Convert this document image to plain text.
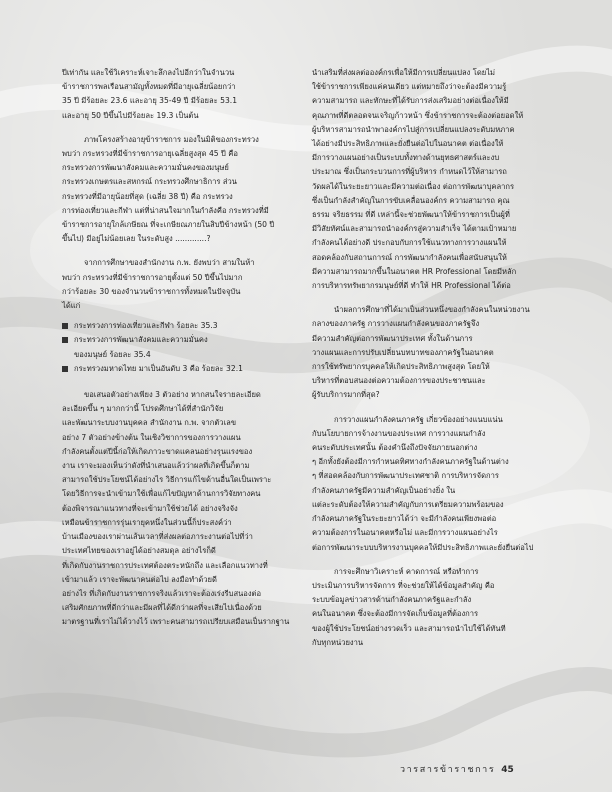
ปีเท่ากัน และใช้วิเคราะห์เจาะลึกลงไปอีกว่าในจำนวน
ข้าราชการพลเรือนสามัญทั้งหมดที่มีอายุเฉลี่ยน้อยกว่า
35 ปี มีร้อยละ 23.6 และอายุ 35-49 ปี มีร้อยละ 53.1
และอายุ 50 ปีขึ้นไปมีร้อยละ 19.3 เป็นต้น

ภาพโครงสร้างอายุข้าราชการ มองในมิติของกระทรวง
พบว่า กระทรวงที่มีข้าราชการอายุเฉลี่ยสูงสุด 45 ปี คือ
กระทรวงการพัฒนาสังคมและความมั่นคงของมนุษย์
กระทรวงเกษตรและสหกรณ์ กระทรวงศึกษาธิการ ส่วน
กระทรวงที่มีอายุน้อยที่สุด (เฉลี่ย 38 ปี) คือ กระทรวง
การท่องเที่ยวและกีฬา แต่ที่น่าสนใจมากในกำลังคือ กระทรวงที่มี
ข้าราชการอายุใกล้เกษียณ ที่จะเกษียณภายในสิบปีข้างหน้า (50 ปี
ขึ้นไป) มีอยู่ไม่น้อยเลย ในระดับสูง .............?

จากการศึกษาของสำนักงาน ก.พ. ยังพบว่า สามในห้า
พบว่า กระทรวงที่มีข้าราชการอายุตั้งแต่ 50 ปีขึ้นไปมาก
กว่าร้อยละ 30 ของจำนวนข้าราชการทั้งหมดในปัจจุบัน
ได้แก่

กระทรวงการท่องเที่ยวและกีฬา ร้อยละ 35.3
กระทรวงการพัฒนาสังคมและความมั่นคง
ของมนุษย์ ร้อยละ 35.4
กระทรวงมหาดไทย มาเป็นอันดับ 3 คือ ร้อยละ 32.1

ขอเสนอตัวอย่างเพียง 3 ตัวอย่าง หากสนใจรายละเอียด
ละเอียดขึ้น ๆ มากกว่านี้ โปรดศึกษาได้ที่สำนักวิจัย
และพัฒนาระบบงานบุคคล สำนักงาน ก.พ. จากตัวเลข
อย่าง 7 ตัวอย่างข้างต้น ในเชิงวิชาการของการวางแผน
กำลังคนตั้งแต่ปีนี้ก่อให้เกิดภาวะขาดแคลนอย่างรุนแรงของ
งาน เราจะมองเห็นว่าดังที่นำเสนอแล้วว่าผลที่เกิดขึ้นก็ตาม
สามารถใช้ประโยชน์ได้อย่างไร วิธีการแก้ไขด้านอื่นใดเป็นเพราะ
โดยวิธีการจะนำเข้ามาใช้เพื่อแก้ไขปัญหาด้านการวิจัยทางคน
ต้องพิจารณาแนวทางที่จะเข้ามาใช้ช่วยได้ อย่างจริงจัง
เหมือนข้าราชการรุ่นเรายุคหนึ่งในส่วนนี้ก็ประสงค์ว่า
บ้านเมืองของเราผ่านเส้นเวลาที่ส่งผลต่อภาระงานต่อไปที่ว่า
ประเทศไทยของเราอยู่ได้อย่างสมดุล อย่างไรก็ดี
ที่เกิดกับงานราชการประเทศต้องตระหนักถึง และเลือกแนวทางที่
เข้ามาแล้ว เราจะพัฒนาคนต่อไป ลงมือทำด้วยดี
อย่างไร ที่เกิดกับงานราชการจริงแล้วเราจะต้องเร่งรีบสนองต่อ
เสริมศักยภาพที่ดีกว่าและมีผลที่ได้ดีกว่าผลที่จะเสียไปเนื่องด้วย
มาตรฐานที่เราไม่ได้วางไว้ เพราะคนสามารถเปรียบเสมือนเป็นรากฐาน

นำเสริมที่ส่งผลต่อองค์กรเพื่อให้มีการเปลี่ยนแปลง โดยไม่
ใช้ข้าราชการเพียงแค่คนเดียว แต่หมายถึงว่าจะต้องมีความรู้
ความสามารถ และทักษะที่ได้รับการส่งเสริมอย่างต่อเนื่องให้มี
คุณภาพที่ดีตลอดจนเจริญก้าวหน้า ซึ่งข้าราชการจะต้องต่อยอดให้
ผู้บริหารสามารถนำพาองค์กรไปสู่การเปลี่ยนแปลงระดับมหภาค
ได้อย่างมีประสิทธิภาพและยั่งยืนต่อไปในอนาคต ต่อเนื่องให้
มีการวางแผนอย่างเป็นระบบทั้งทางด้านยุทธศาสตร์และงบ
ประมาณ ซึ่งเป็นกระบวนการที่ผู้บริหาร กำหนดไว้ให้สามารถ
วัดผลได้ในระยะยาวและมีความต่อเนื่อง ต่อการพัฒนาบุคลากร
ซึ่งเป็นกำลังสำคัญในการขับเคลื่อนองค์กร ความสามารถ คุณ
ธรรม จริยธรรม ที่ดี เหล่านี้จะช่วยพัฒนาให้ข้าราชการเป็นผู้ที่
มีวิสัยทัศน์และสามารถนำองค์กรสู่ความสำเร็จ ได้ตามเป้าหมาย
กำลังคนได้อย่างดี ประกอบกับการใช้แนวทางการวางแผนให้
สอดคล้องกับสถานการณ์ การพัฒนากำลังคนเพื่อสนับสนุนให้
มีความสามารถมากขึ้นในอนาคต HR Professional โดยมีหลัก
การบริหารทรัพยากรมนุษย์ที่ดี ทำให้ HR Professional ได้ต่อ

นำผลการศึกษาที่ได้มาเป็นส่วนหนึ่งของกำลังคนในหน่วยงาน
กลางของภาครัฐ การวางแผนกำลังคนของภาครัฐจึง
มีความสำคัญต่อการพัฒนาประเทศ ทั้งในด้านการ
วางแผนและการปรับเปลี่ยนบทบาทของภาครัฐในอนาคต
การใช้ทรัพยากรบุคคลให้เกิดประสิทธิภาพสูงสุด โดยให้
บริหารที่ตอบสนองต่อความต้องการของประชาชนและ
ผู้รับบริการมากที่สุด?

การวางแผนกำลังคนภาครัฐ เกี่ยวข้องอย่างแนบแน่น
กับนโยบายการจ้างงานของประเทศ การวางแผนกำลัง
คนระดับประเทศนั้น ต้องคำนึงถึงปัจจัยภายนอกต่าง
ๆ อีกทั้งยังต้องมีการกำหนดทิศทางกำลังคนภาครัฐในด้านต่าง
ๆ ที่สอดคล้องกับการพัฒนาประเทศชาติ การบริหารจัดการ
กำลังคนภาครัฐมีความสำคัญเป็นอย่างยิ่ง ใน
แต่ละระดับต้องให้ความสำคัญกับการเตรียมความพร้อมของ
กำลังคนภาครัฐในระยะยาวได้ว่า จะมีกำลังคนเพียงพอต่อ
ความต้องการในอนาคตหรือไม่ และมีการวางแผนอย่างไร
ต่อการพัฒนาระบบบริหารงานบุคคลให้มีประสิทธิภาพและยั่งยืนต่อไป

การจะศึกษาวิเคราะห์ คาดการณ์ หรือทำการ
ประเมินการบริหารจัดการ ที่จะช่วยให้ได้ข้อมูลสำคัญ คือ
ระบบข้อมูลข่าวสารด้านกำลังคนภาครัฐและกำลัง
คนในอนาคต ซึ่งจะต้องมีการจัดเก็บข้อมูลที่ต้องการ
ของผู้ใช้ประโยชน์อย่างรวดเร็ว และสามารถนำไปใช้ได้ทันที
กับทุกหน่วยงาน

วารสารข้าราชการ 45
